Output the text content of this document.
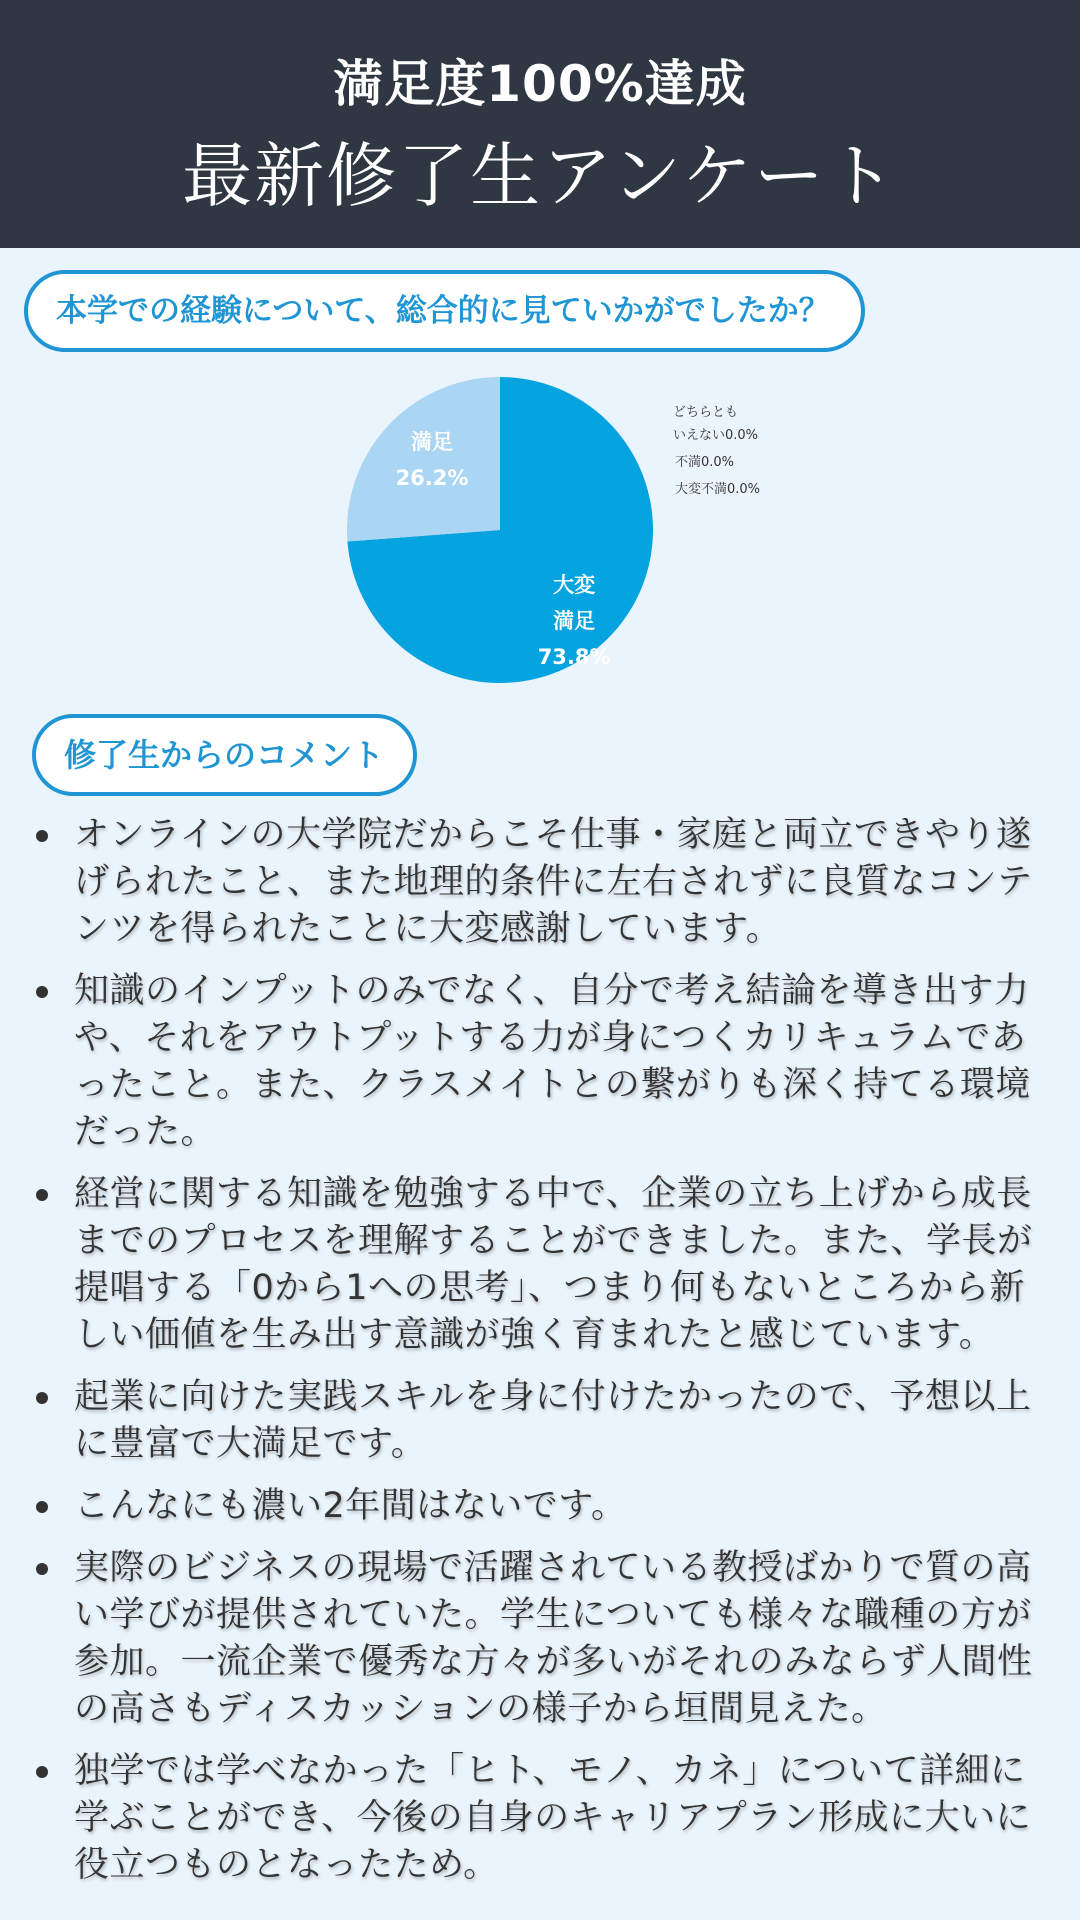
満足度100%達成
最新修了生アンケート
本学での経験について、総合的に見ていかがでしたか？
大変
満足
73.8%
満足
26.2%
どちらとも
いえない0.0%
不満0.0%
大変不満0.0%
修了生からのコメント
オンラインの大学院だからこそ仕事・家庭と両立できやり遂げられたこと、また地理的条件に左右されずに良質なコンテンツを得られたことに大変感謝しています。
知識のインプットのみでなく、自分で考え結論を導き出す力や、それをアウトプットする力が身につくカリキュラムであったこと。また、クラスメイトとの繋がりも深く持てる環境だった。
経営に関する知識を勉強する中で、企業の立ち上げから成長までのプロセスを理解することができました。また、学長が提唱する「0から1への思考」、つまり何もないところから新しい価値を生み出す意識が強く育まれたと感じています。
起業に向けた実践スキルを身に付けたかったので、予想以上に豊富で大満足です。
こんなにも濃い2年間はないです。
実際のビジネスの現場で活躍されている教授ばかりで質の高い学びが提供されていた。学生についても様々な職種の方が参加。一流企業で優秀な方々が多いがそれのみならず人間性の高さもディスカッションの様子から垣間見えた。
独学では学べなかった「ヒト、モノ、カネ」について詳細に学ぶことができ、今後の自身のキャリアプラン形成に大いに役立つものとなったため。
